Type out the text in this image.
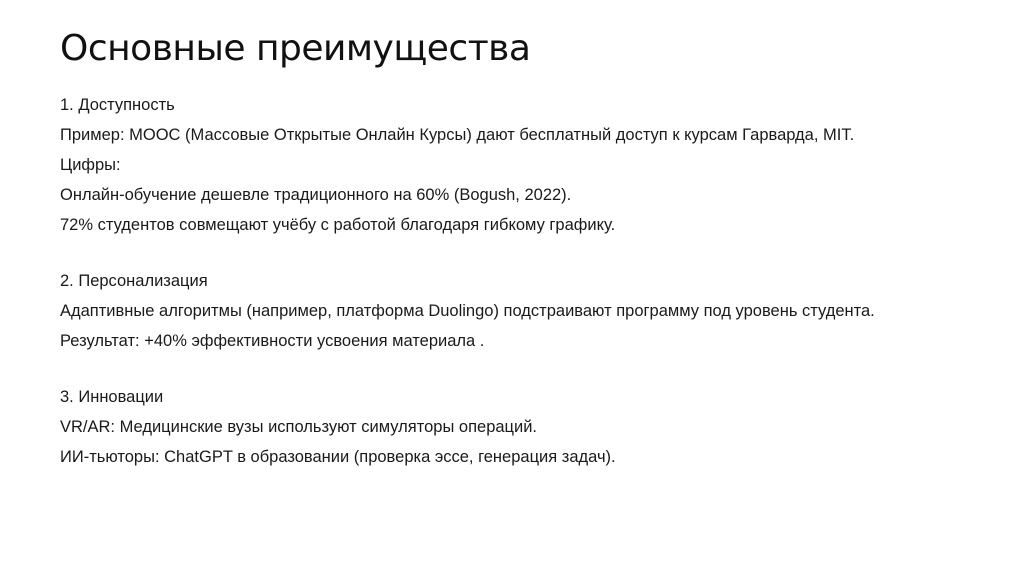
Основные преимущества

1. Доступность

Пример: MOOC (Массовые Открытые Онлайн Курсы) дают бесплатный доступ к курсам Гарварда, MIT.

Цифры:

Онлайн-обучение дешевле традиционного на 60% (Bogush, 2022).

72% студентов совмещают учёбу с работой благодаря гибкому графику.

2. Персонализация

Адаптивные алгоритмы (например, платформа Duolingo) подстраивают программу под уровень студента.

Результат: +40% эффективности усвоения материала .

3. Инновации

VR/AR: Медицинские вузы используют симуляторы операций.

ИИ-тьюторы: ChatGPT в образовании (проверка эссе, генерация задач).
